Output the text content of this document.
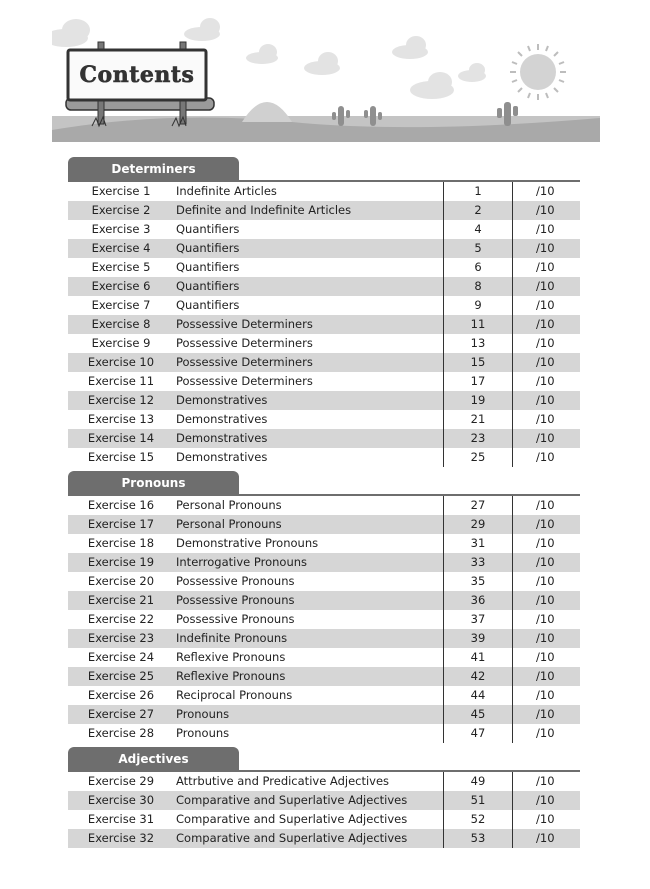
Contents
Determiners
Exercise 1	Indefinite Articles	1	/10
Exercise 2	Definite and Indefinite Articles	2	/10
Exercise 3	Quantifiers	4	/10
Exercise 4	Quantifiers	5	/10
Exercise 5	Quantifiers	6	/10
Exercise 6	Quantifiers	8	/10
Exercise 7	Quantifiers	9	/10
Exercise 8	Possessive Determiners	11	/10
Exercise 9	Possessive Determiners	13	/10
Exercise 10	Possessive Determiners	15	/10
Exercise 11	Possessive Determiners	17	/10
Exercise 12	Demonstratives	19	/10
Exercise 13	Demonstratives	21	/10
Exercise 14	Demonstratives	23	/10
Exercise 15	Demonstratives	25	/10
Pronouns
Exercise 16	Personal Pronouns	27	/10
Exercise 17	Personal Pronouns	29	/10
Exercise 18	Demonstrative Pronouns	31	/10
Exercise 19	Interrogative Pronouns	33	/10
Exercise 20	Possessive Pronouns	35	/10
Exercise 21	Possessive Pronouns	36	/10
Exercise 22	Possessive Pronouns	37	/10
Exercise 23	Indefinite Pronouns	39	/10
Exercise 24	Reflexive Pronouns	41	/10
Exercise 25	Reflexive Pronouns	42	/10
Exercise 26	Reciprocal Pronouns	44	/10
Exercise 27	Pronouns	45	/10
Exercise 28	Pronouns	47	/10
Adjectives
Exercise 29	Attrbutive and Predicative Adjectives	49	/10
Exercise 30	Comparative and Superlative Adjectives	51	/10
Exercise 31	Comparative and Superlative Adjectives	52	/10
Exercise 32	Comparative and Superlative Adjectives	53	/10
